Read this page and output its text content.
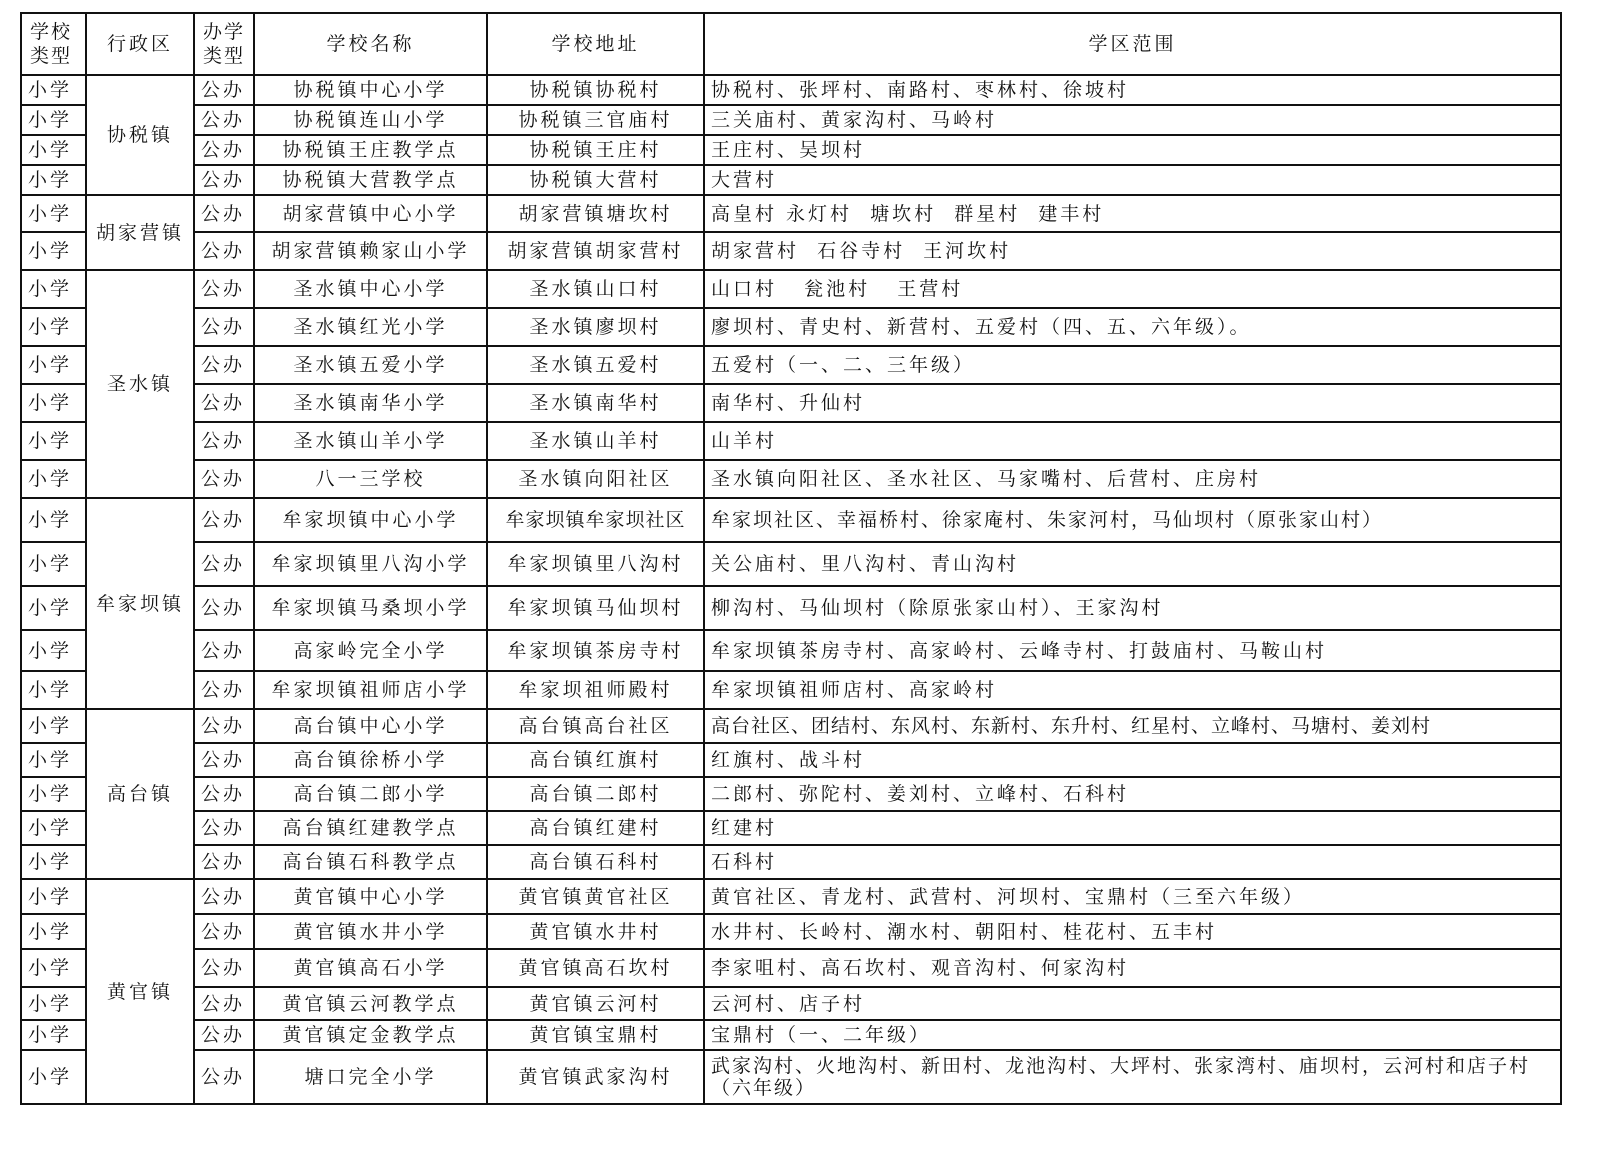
学校类型	行政区	办学类型	学校名称	学校地址	学区范围
小学	协税镇	公办	协税镇中心小学	协税镇协税村	协税村、张坪村、南路村、枣林村、徐坡村
小学		公办	协税镇连山小学	协税镇三官庙村	三关庙村、黄家沟村、马岭村
小学		公办	协税镇王庄教学点	协税镇王庄村	王庄村、吴坝村
小学		公办	协税镇大营教学点	协税镇大营村	大营村
小学	胡家营镇	公办	胡家营镇中心小学	胡家营镇塘坎村	高皇村 永灯村  塘坎村  群星村  建丰村
小学		公办	胡家营镇赖家山小学	胡家营镇胡家营村	胡家营村  石谷寺村  王河坎村
小学	圣水镇	公办	圣水镇中心小学	圣水镇山口村	山口村   瓮池村   王营村
小学		公办	圣水镇红光小学	圣水镇廖坝村	廖坝村、青史村、新营村、五爱村（四、五、六年级）。
小学		公办	圣水镇五爱小学	圣水镇五爱村	五爱村（一、二、三年级）
小学		公办	圣水镇南华小学	圣水镇南华村	南华村、升仙村
小学		公办	圣水镇山羊小学	圣水镇山羊村	山羊村
小学		公办	八一三学校	圣水镇向阳社区	圣水镇向阳社区、圣水社区、马家嘴村、后营村、庄房村
小学	牟家坝镇	公办	牟家坝镇中心小学	牟家坝镇牟家坝社区	牟家坝社区、幸福桥村、徐家庵村、朱家河村，马仙坝村（原张家山村）
小学		公办	牟家坝镇里八沟小学	牟家坝镇里八沟村	关公庙村、里八沟村、青山沟村
小学		公办	牟家坝镇马桑坝小学	牟家坝镇马仙坝村	柳沟村、马仙坝村（除原张家山村）、王家沟村
小学		公办	高家岭完全小学	牟家坝镇茶房寺村	牟家坝镇茶房寺村、高家岭村、云峰寺村、打鼓庙村、马鞍山村
小学		公办	牟家坝镇祖师店小学	牟家坝祖师殿村	牟家坝镇祖师店村、高家岭村
小学	高台镇	公办	高台镇中心小学	高台镇高台社区	高台社区、团结村、东风村、东新村、东升村、红星村、立峰村、马塘村、姜刘村
小学		公办	高台镇徐桥小学	高台镇红旗村	红旗村、战斗村
小学		公办	高台镇二郎小学	高台镇二郎村	二郎村、弥陀村、姜刘村、立峰村、石科村
小学		公办	高台镇红建教学点	高台镇红建村	红建村
小学		公办	高台镇石科教学点	高台镇石科村	石科村
小学	黄官镇	公办	黄官镇中心小学	黄官镇黄官社区	黄官社区、青龙村、武营村、河坝村、宝鼎村（三至六年级）
小学		公办	黄官镇水井小学	黄官镇水井村	水井村、长岭村、潮水村、朝阳村、桂花村、五丰村
小学		公办	黄官镇高石小学	黄官镇高石坎村	李家咀村、高石坎村、观音沟村、何家沟村
小学		公办	黄官镇云河教学点	黄官镇云河村	云河村、店子村
小学		公办	黄官镇定金教学点	黄官镇宝鼎村	宝鼎村（一、二年级）
小学		公办	塘口完全小学	黄官镇武家沟村	武家沟村、火地沟村、新田村、龙池沟村、大坪村、张家湾村、庙坝村，云河村和店子村（六年级）
